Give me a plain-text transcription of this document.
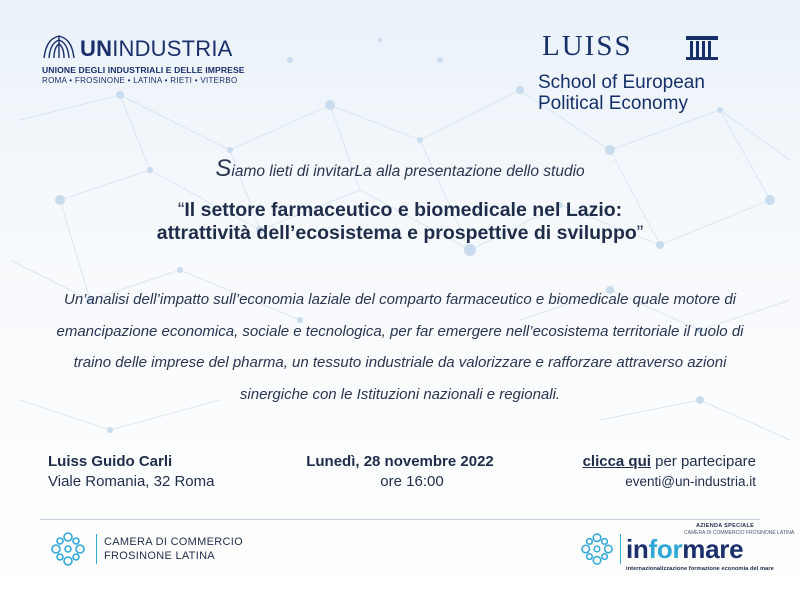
UNINDUSTRIA
UNIONE DEGLI INDUSTRIALI E DELLE IMPRESE
ROMA • FROSINONE • LATINA • RIETI • VITERBO
LUISS
School of European
Political Economy
Siamo lieti di invitarLa alla presentazione dello studio
“Il settore farmaceutico e biomedicale nel Lazio:
attrattività dell’ecosistema e prospettive di sviluppo”
Un’analisi dell’impatto sull’economia laziale del comparto farmaceutico e biomedicale quale motore di emancipazione economica, sociale e tecnologica, per far emergere nell’ecosistema territoriale il ruolo di traino delle imprese del pharma, un tessuto industriale da valorizzare e rafforzare attraverso azioni sinergiche con le Istituzioni nazionali e regionali.
Luiss Guido Carli
Viale Romania, 32 Roma
Lunedì, 28 novembre 2022
ore 16:00
clicca qui per partecipare
eventi@un-industria.it
CAMERA DI COMMERCIO
FROSINONE LATINA
AZIENDA SPECIALE
CAMERA DI COMMERCIO FROSINONE LATINA
informare
internazionalizzazione formazione economia del mare
